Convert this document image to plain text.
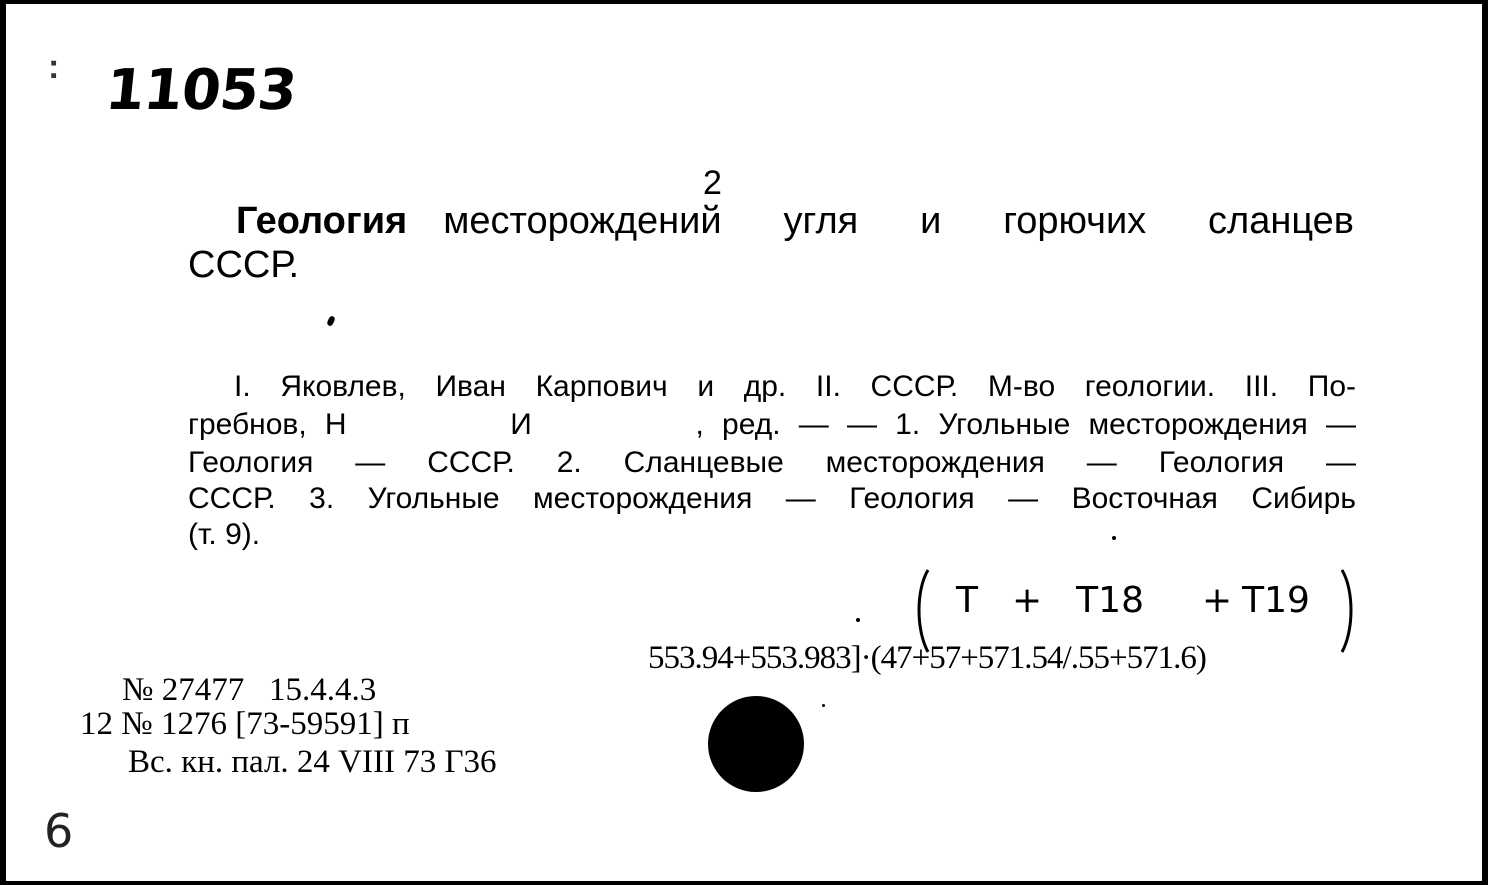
: 11053
2
Геология месторождений угля и горючих сланцев
СССР.
I. Яковлев, Иван Карпович и др. II. СССР. М-во геологии. III. По-
гребнов, Н         И         , ред. — — 1. Угольные месторождения —
Геология — СССР. 2. Сланцевые месторождения — Геология —
СССР. 3. Угольные месторождения — Геология — Восточная Сибирь
(т. 9).
Т + Т18 + Т19
553.94+553.983]·(47+57+571.54/.55+571.6)
№ 27477   15.4.4.3
12 № 1276 [73-59591] п
Вс. кн. пал. 24 VIII 73 Г36
6
